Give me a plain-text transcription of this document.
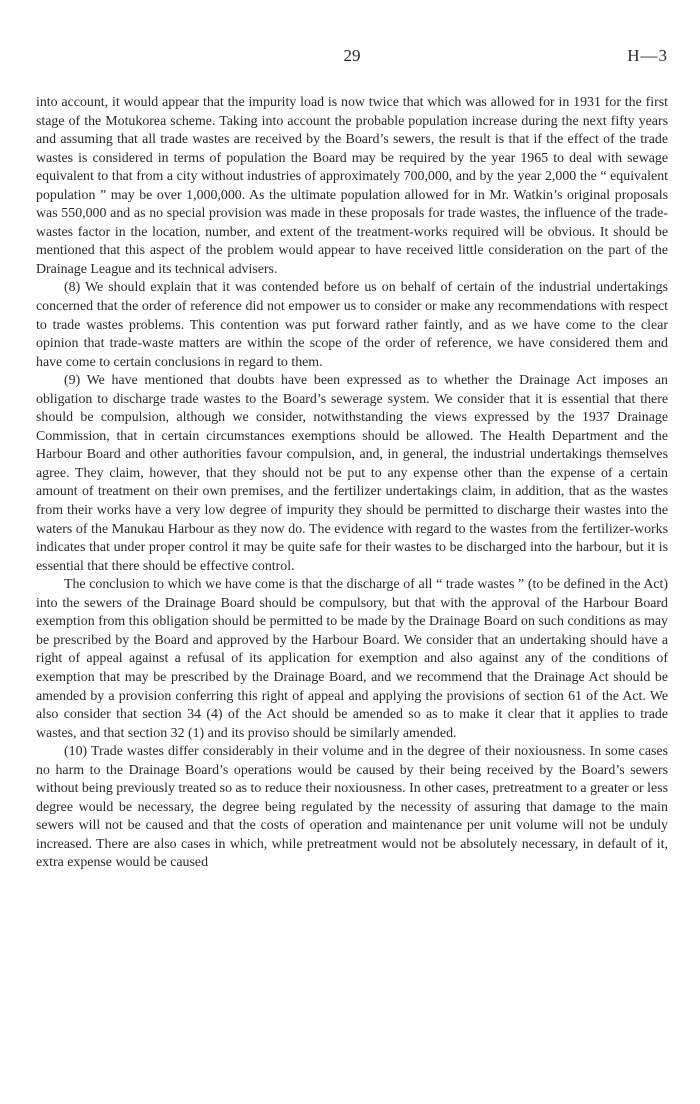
29	H—3

into account, it would appear that the impurity load is now twice that which was allowed for in 1931 for the first stage of the Motukorea scheme. Taking into account the probable population increase during the next fifty years and assuming that all trade wastes are received by the Board’s sewers, the result is that if the effect of the trade wastes is considered in terms of population the Board may be required by the year 1965 to deal with sewage equivalent to that from a city without industries of approximately 700,000, and by the year 2,000 the “ equivalent population ” may be over 1,000,000. As the ultimate population allowed for in Mr. Watkin’s original proposals was 550,000 and as no special provision was made in these proposals for trade wastes, the influence of the trade-wastes factor in the location, number, and extent of the treatment-works required will be obvious. It should be mentioned that this aspect of the problem would appear to have received little consideration on the part of the Drainage League and its technical advisers.

(8) We should explain that it was contended before us on behalf of certain of the industrial undertakings concerned that the order of reference did not empower us to consider or make any recommendations with respect to trade wastes problems. This contention was put forward rather faintly, and as we have come to the clear opinion that trade-waste matters are within the scope of the order of reference, we have considered them and have come to certain conclusions in regard to them.

(9) We have mentioned that doubts have been expressed as to whether the Drainage Act imposes an obligation to discharge trade wastes to the Board’s sewerage system. We consider that it is essential that there should be compulsion, although we consider, notwithstanding the views expressed by the 1937 Drainage Commission, that in certain circumstances exemptions should be allowed. The Health Department and the Harbour Board and other authorities favour compulsion, and, in general, the industrial undertakings themselves agree. They claim, however, that they should not be put to any expense other than the expense of a certain amount of treatment on their own premises, and the fertilizer undertakings claim, in addition, that as the wastes from their works have a very low degree of impurity they should be permitted to discharge their wastes into the waters of the Manukau Harbour as they now do. The evidence with regard to the wastes from the fertilizer-works indicates that under proper control it may be quite safe for their wastes to be discharged into the harbour, but it is essential that there should be effective control.

The conclusion to which we have come is that the discharge of all “ trade wastes ” (to be defined in the Act) into the sewers of the Drainage Board should be compulsory, but that with the approval of the Harbour Board exemption from this obligation should be permitted to be made by the Drainage Board on such conditions as may be prescribed by the Board and approved by the Harbour Board. We consider that an undertaking should have a right of appeal against a refusal of its application for exemption and also against any of the conditions of exemption that may be prescribed by the Drainage Board, and we recommend that the Drainage Act should be amended by a provision conferring this right of appeal and applying the provisions of section 61 of the Act. We also consider that section 34 (4) of the Act should be amended so as to make it clear that it applies to trade wastes, and that section 32 (1) and its proviso should be similarly amended.

(10) Trade wastes differ considerably in their volume and in the degree of their noxiousness. In some cases no harm to the Drainage Board’s operations would be caused by their being received by the Board’s sewers without being previously treated so as to reduce their noxiousness. In other cases, pretreatment to a greater or less degree would be necessary, the degree being regulated by the necessity of assuring that damage to the main sewers will not be caused and that the costs of operation and maintenance per unit volume will not be unduly increased. There are also cases in which, while pretreatment would not be absolutely necessary, in default of it, extra expense would be caused
